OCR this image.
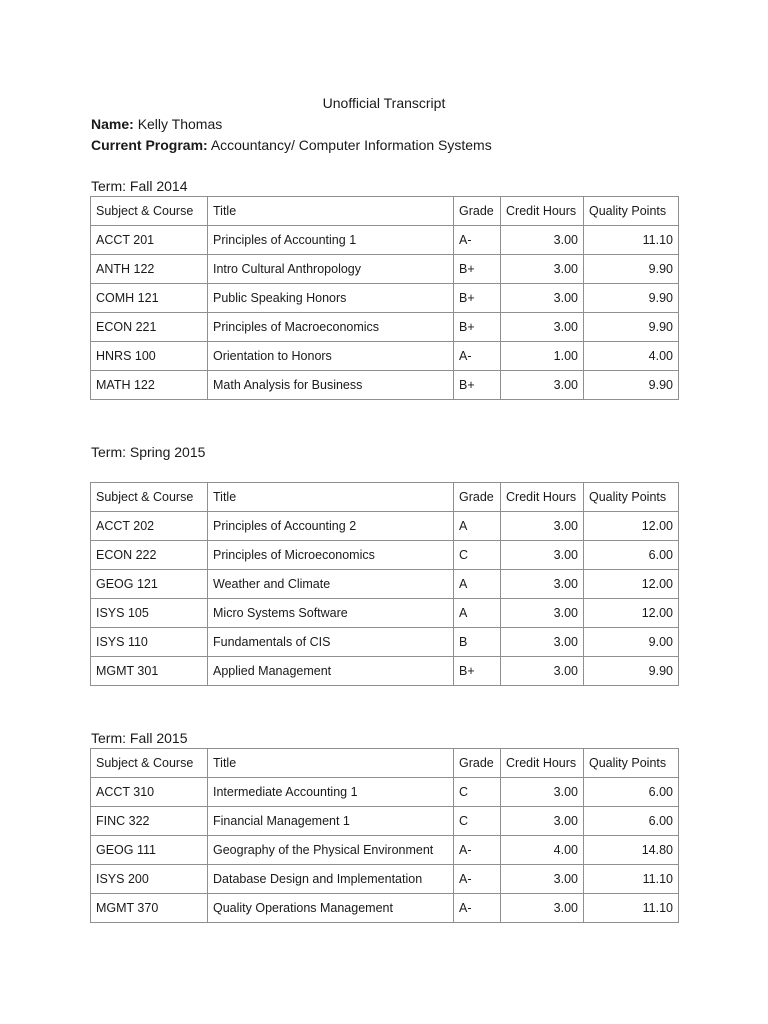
Unofficial Transcript
Name: Kelly Thomas
Current Program: Accountancy/ Computer Information Systems
Term: Fall 2014
Subject & Course	Title	Grade	Credit Hours	Quality Points
ACCT 201	Principles of Accounting 1	A-	3.00	11.10
ANTH 122	Intro Cultural Anthropology	B+	3.00	9.90
COMH 121	Public Speaking Honors	B+	3.00	9.90
ECON 221	Principles of Macroeconomics	B+	3.00	9.90
HNRS 100	Orientation to Honors	A-	1.00	4.00
MATH 122	Math Analysis for Business	B+	3.00	9.90
Term: Spring 2015
Subject & Course	Title	Grade	Credit Hours	Quality Points
ACCT 202	Principles of Accounting 2	A	3.00	12.00
ECON 222	Principles of Microeconomics	C	3.00	6.00
GEOG 121	Weather and Climate	A	3.00	12.00
ISYS 105	Micro Systems Software	A	3.00	12.00
ISYS 110	Fundamentals of CIS	B	3.00	9.00
MGMT 301	Applied Management	B+	3.00	9.90
Term: Fall 2015
Subject & Course	Title	Grade	Credit Hours	Quality Points
ACCT 310	Intermediate Accounting 1	C	3.00	6.00
FINC 322	Financial Management 1	C	3.00	6.00
GEOG 111	Geography of the Physical Environment	A-	4.00	14.80
ISYS 200	Database Design and Implementation	A-	3.00	11.10
MGMT 370	Quality Operations Management	A-	3.00	11.10
